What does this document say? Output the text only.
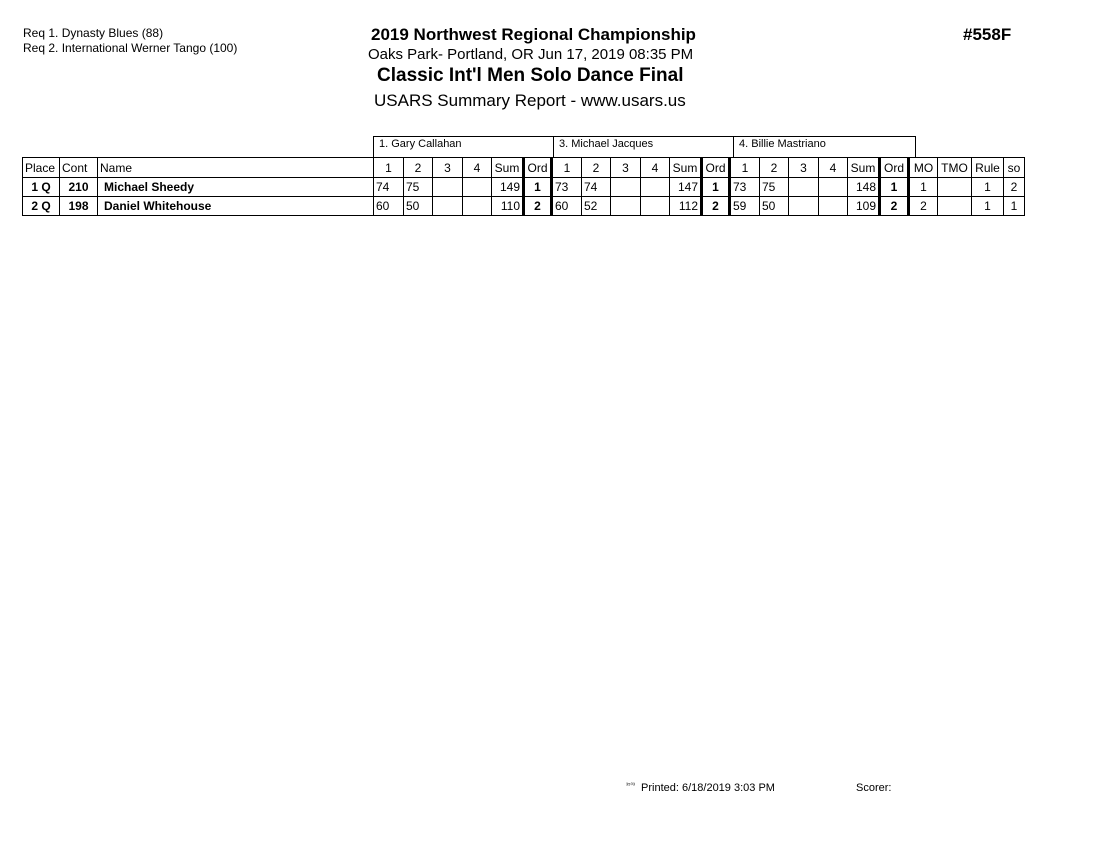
Req 1. Dynasty Blues (88)
Req 2. International Werner Tango (100)
2019 Northwest Regional Championship
Oaks Park- Portland, OR Jun 17, 2019 08:35 PM
Classic Int'l Men Solo Dance Final
USARS Summary Report - www.usars.us
#558F
1. Gary Callahan	3. Michael Jacques	4. Billie Mastriano
Place	Cont	Name	1	2	3	4	Sum	Ord	1	2	3	4	Sum	Ord	1	2	3	4	Sum	Ord	MO	TMO	Rule	so
1 Q	210	Michael Sheedy	74	75			149	1	73	74			147	1	73	75			148	1	1		1	2
2 Q	198	Daniel Whitehouse	60	50			110	2	60	52			112	2	59	50			109	2	2		1	1
$^{^{3503}}$ Printed: 6/18/2019 3:03 PM	Scorer:
